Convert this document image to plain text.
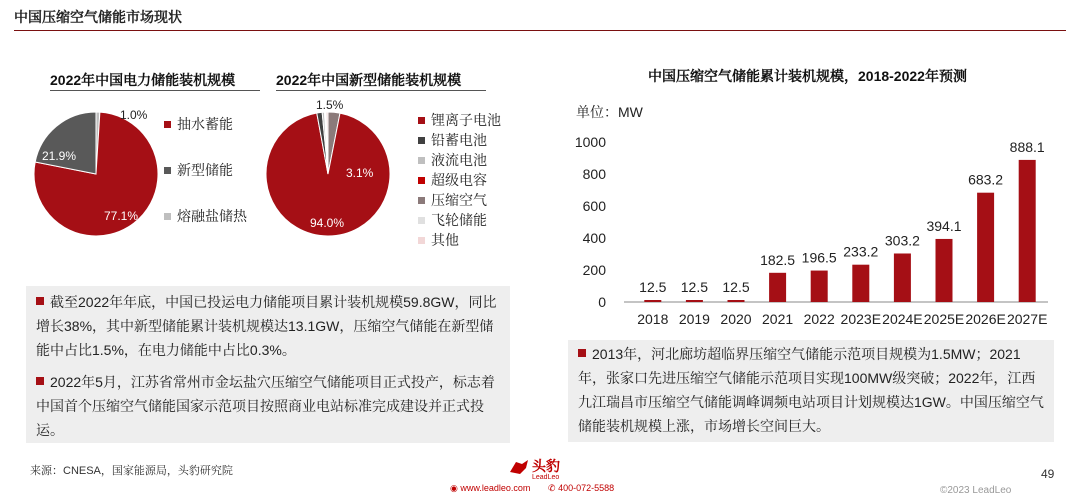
中国压缩空气储能市场现状
2022年中国电力储能装机规模	2022年中国新型储能装机规模
1.0%
21.9%
77.1%
抽水蓄能
新型储能
熔融盐储热
1.5%
3.1%
94.0%
锂离子电池
铅蓄电池
液流电池
超级电容
压缩空气
飞轮储能
其他
截至2022年年底，中国已投运电力储能项目累计装机规模59.8GW，同比增长38%，其中新型储能累计装机规模达13.1GW，压缩空气储能在新型储能中占比1.5%，在电力储能中占比0.3%。
2022年5月，江苏省常州市金坛盐穴压缩空气储能项目正式投产，标志着中国首个压缩空气储能国家示范项目按照商业电站标准完成建设并正式投运。
中国压缩空气储能累计装机规模，2018-2022年预测
单位：MW
0
200
400
600
800
1000
12.5
2018
12.5
2019
12.5
2020
182.5
2021
196.5
2022
233.2
2023E
303.2
2024E
394.1
2025E
683.2
2026E
888.1
2027E
2013年，河北廊坊超临界压缩空气储能示范项目规模为1.5MW；2021年，张家口先进压缩空气储能示范项目实现100MW级突破；2022年，江西九江瑞昌市压缩空气储能调峰调频电站项目计划规模达1GW。中国压缩空气储能装机规模上涨，市场增长空间巨大。
来源：CNESA，国家能源局，头豹研究院	头豹
LeadLeo
◉ www.leadleo.com ✆ 400-072-5588
49
©2023 LeadLeo
